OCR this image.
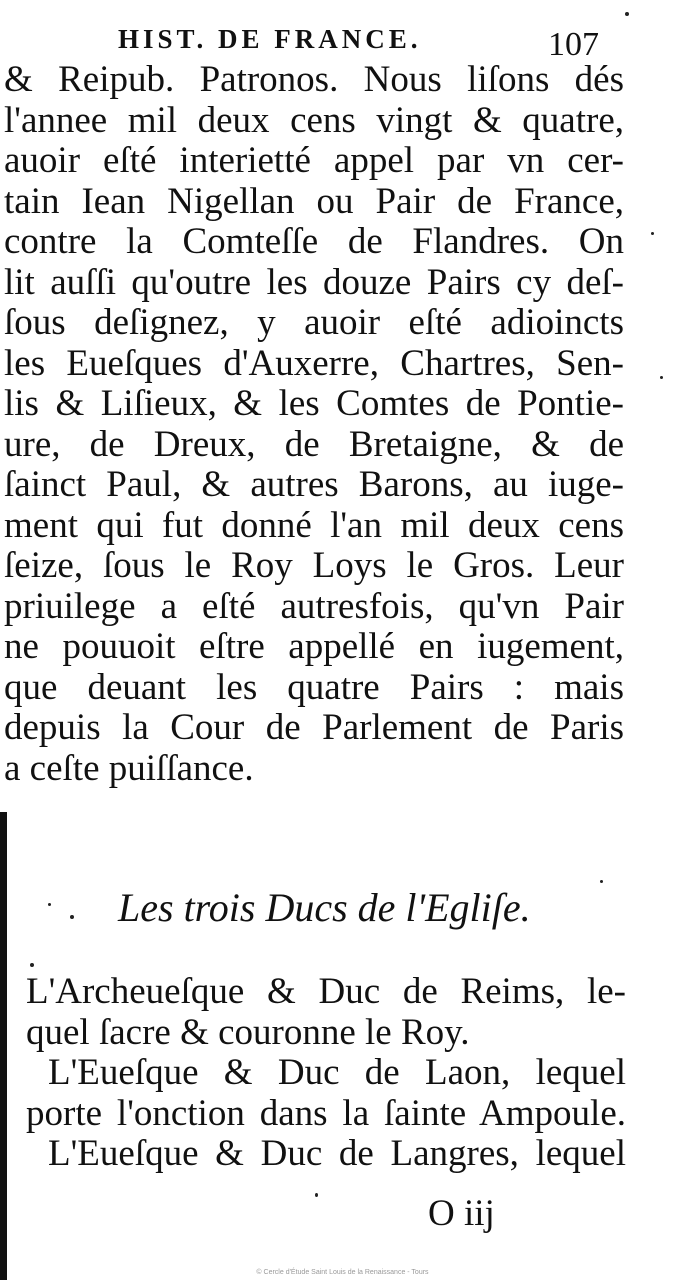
HIST. DE FRANCE.	107
& Reipub. Patronos. Nous liſons dés
l'annee mil deux cens vingt & quatre,
auoir eſté interietté appel par vn cer-
tain Iean Nigellan ou Pair de France,
contre la Comteſſe de Flandres. On
lit auſſi qu'outre les douze Pairs cy deſ-
ſous deſignez, y auoir eſté adioincts
les Eueſques d'Auxerre, Chartres, Sen-
lis & Liſieux, & les Comtes de Pontie-
ure, de Dreux, de Bretaigne, & de
ſainct Paul, & autres Barons, au iuge-
ment qui fut donné l'an mil deux cens
ſeize, ſous le Roy Loys le Gros. Leur
priuilege a eſté autresfois, qu'vn Pair
ne pouuoit eſtre appellé en iugement,
que deuant les quatre Pairs : mais
depuis la Cour de Parlement de Paris
a ceſte puiſſance.
Les trois Ducs de l'Egliſe.
L'Archeueſque & Duc de Reims, le-
quel ſacre & couronne le Roy.
L'Eueſque & Duc de Laon, lequel
porte l'onction dans la ſainte Ampoule.
L'Eueſque & Duc de Langres, lequel
O iij
© Cercle d'Étude Saint Louis de la Renaissance - Tours
